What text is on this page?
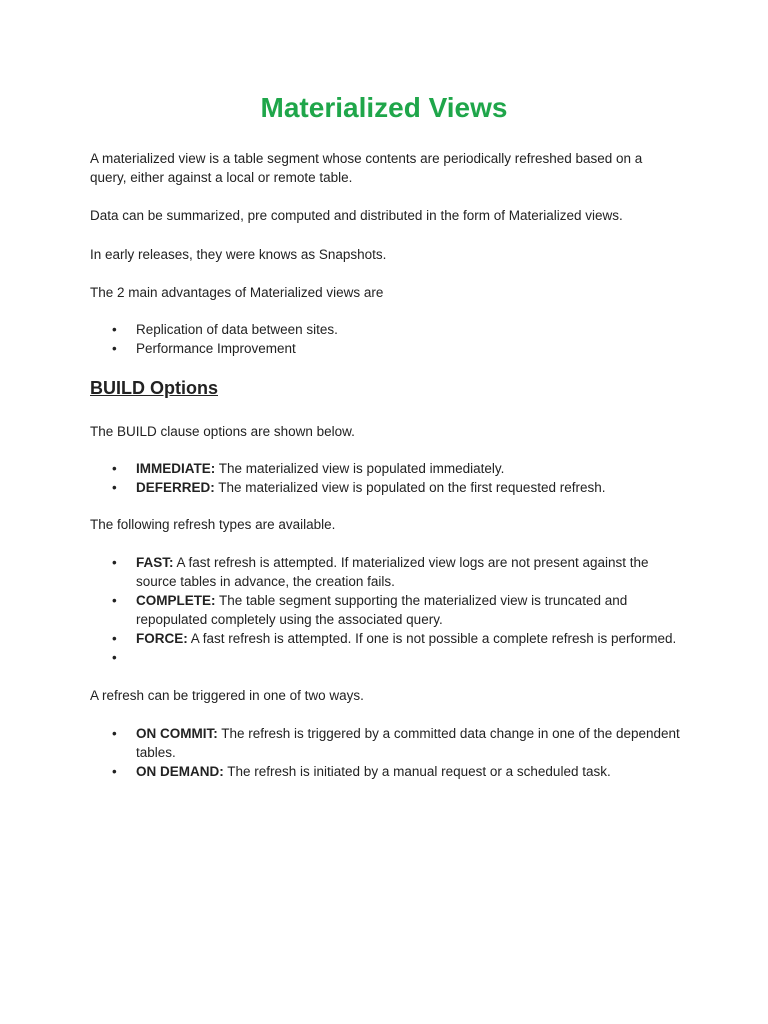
Materialized Views

A materialized view is a table segment whose contents are periodically refreshed based on a query, either against a local or remote table.

Data can be summarized, pre computed and distributed in the form of Materialized views.

In early releases, they were knows as Snapshots.

The 2 main advantages of Materialized views are

• Replication of data between sites.
• Performance Improvement
BUILD Options

The BUILD clause options are shown below.

• IMMEDIATE: The materialized view is populated immediately.
• DEFERRED: The materialized view is populated on the first requested refresh.

The following refresh types are available.

• FAST: A fast refresh is attempted. If materialized view logs are not present against the source tables in advance, the creation fails.
• COMPLETE: The table segment supporting the materialized view is truncated and repopulated completely using the associated query.
• FORCE: A fast refresh is attempted. If one is not possible a complete refresh is performed.
•

A refresh can be triggered in one of two ways.

• ON COMMIT: The refresh is triggered by a committed data change in one of the dependent tables.
• ON DEMAND: The refresh is initiated by a manual request or a scheduled task.
